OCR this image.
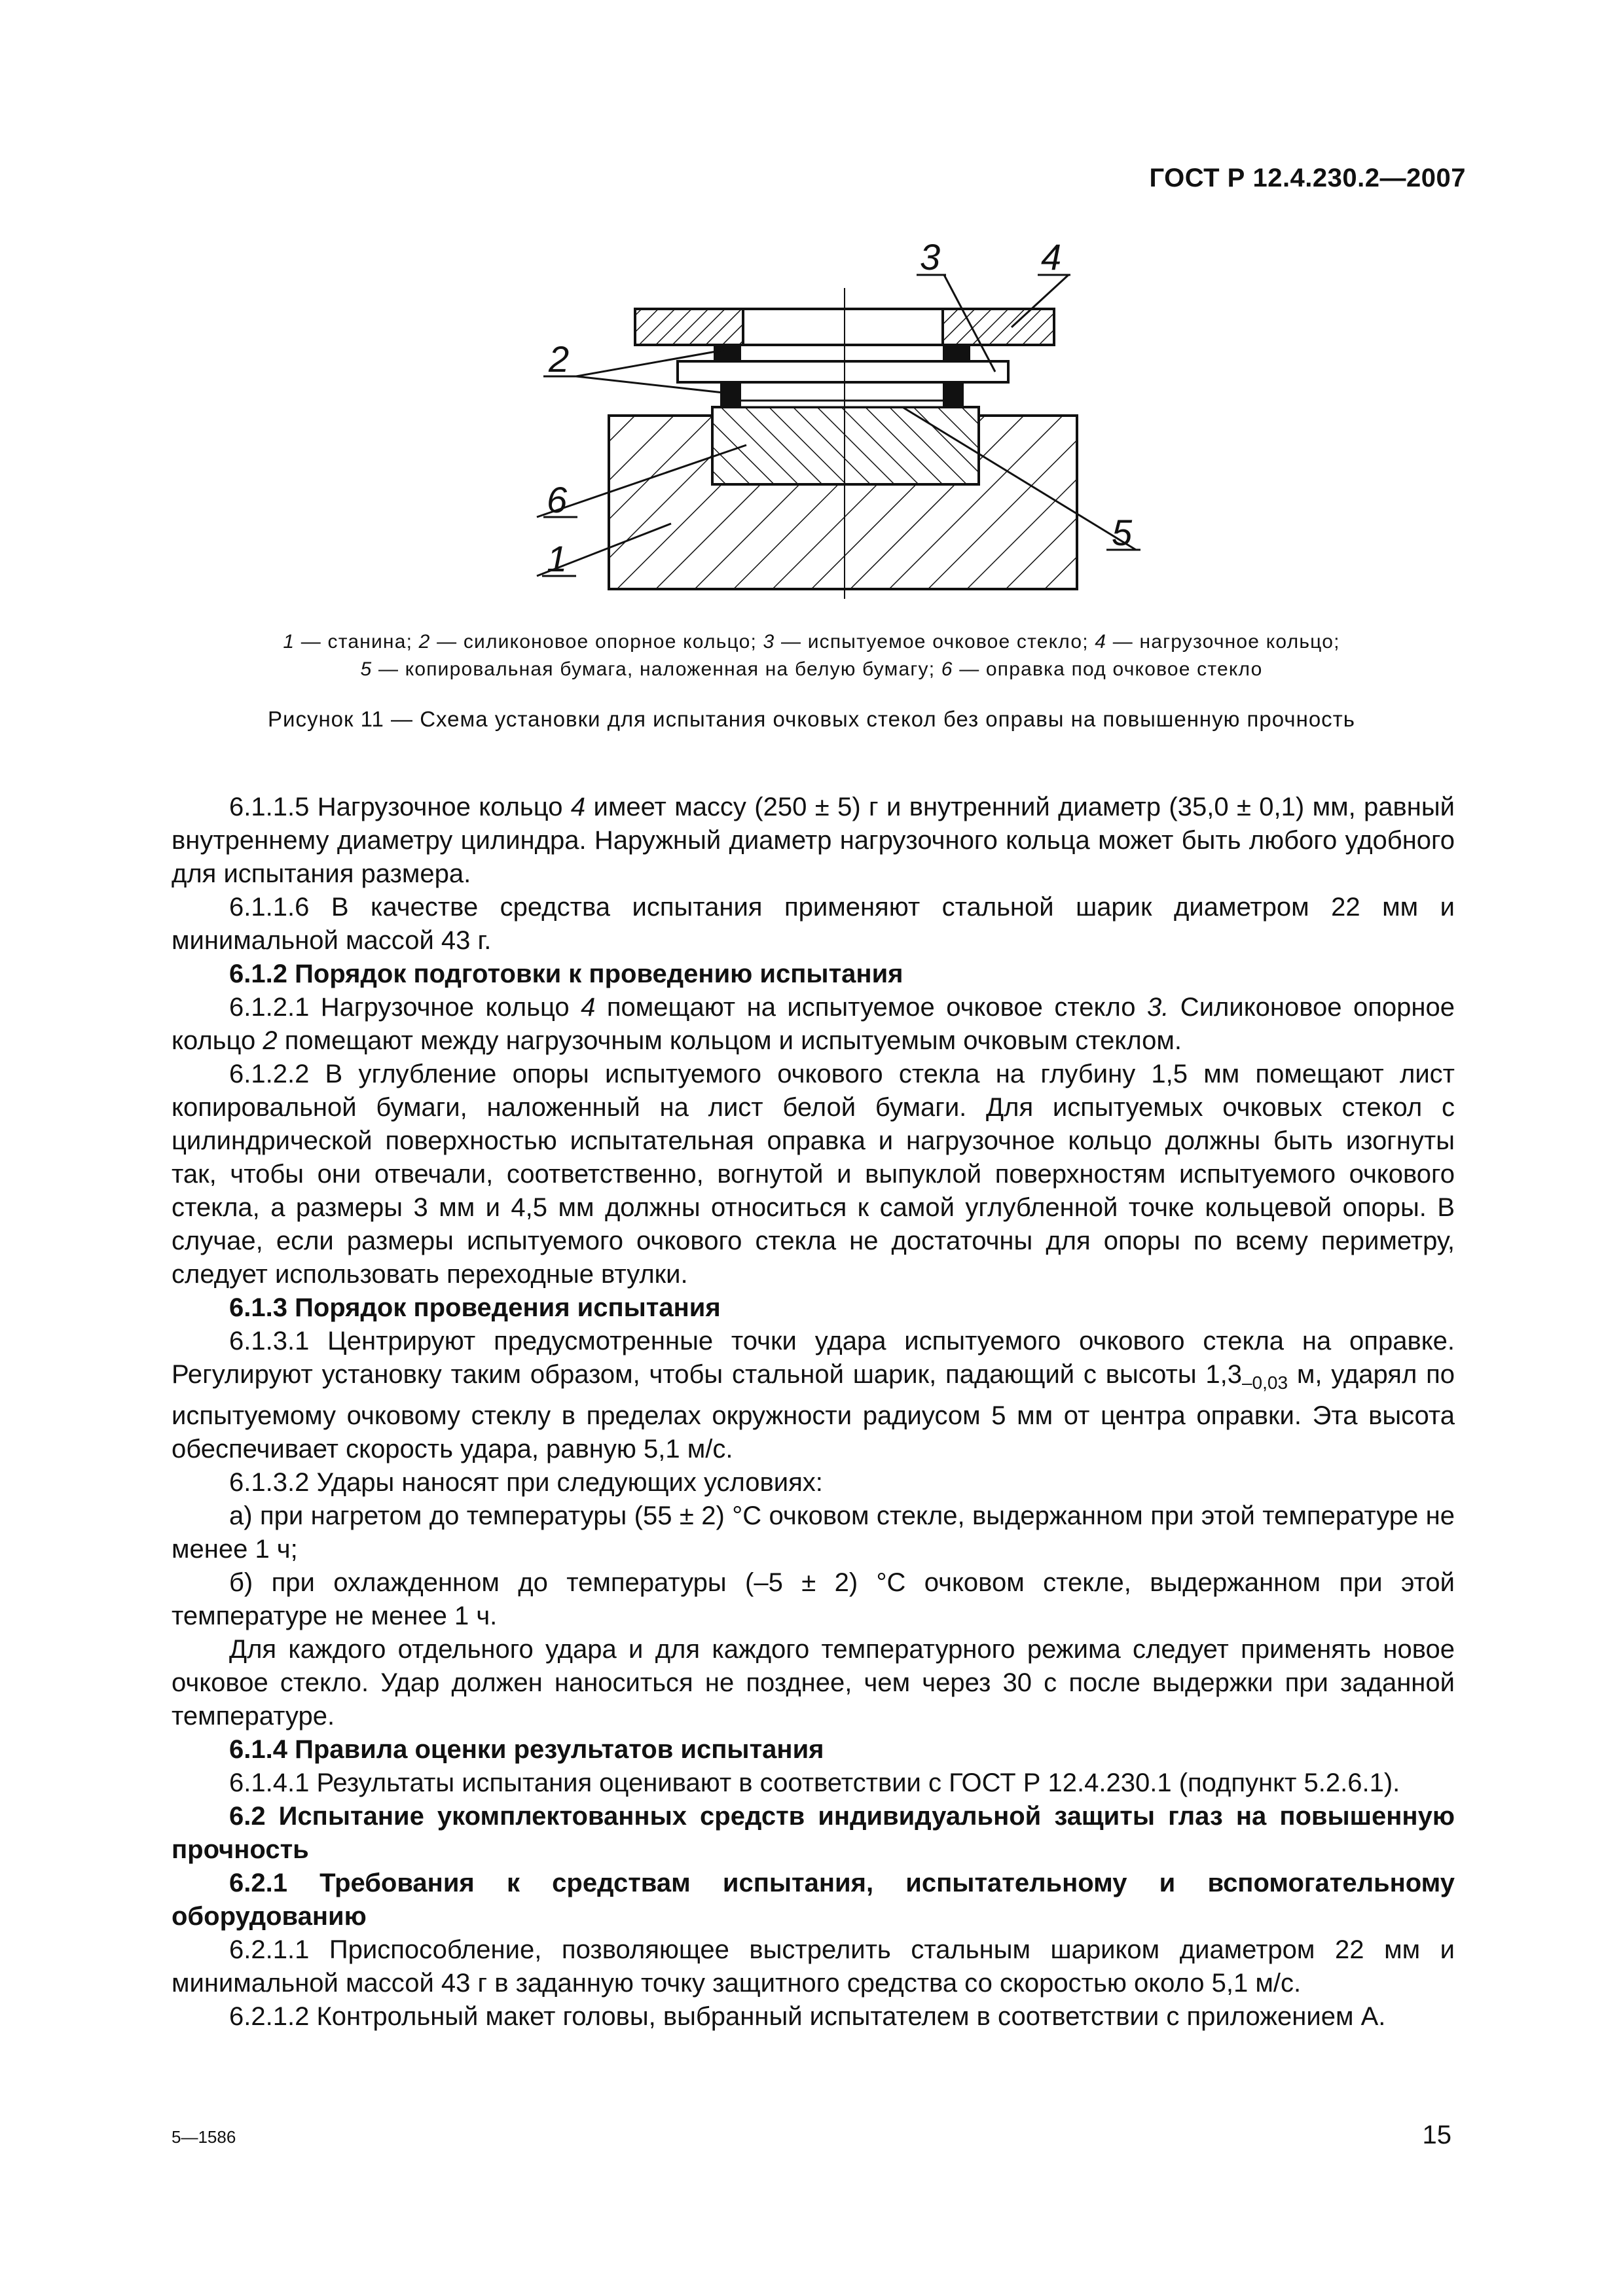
ГОСТ Р 12.4.230.2—2007
2
3	4
6
1
5
1 — станина; 2 — силиконовое опорное кольцо; 3 — испытуемое очковое стекло; 4 — нагрузочное кольцо;
5 — копировальная бумага, наложенная на белую бумагу; 6 — оправка под очковое стекло
Рисунок 11 — Схема установки для испытания очковых стекол без оправы на повышенную прочность

6.1.1.5 Нагрузочное кольцо 4 имеет массу (250 ± 5) г и внутренний диаметр (35,0 ± 0,1) мм, равный внутреннему диаметру цилиндра. Наружный диаметр нагрузочного кольца может быть любого удобного для испытания размера.

6.1.1.6 В качестве средства испытания применяют стальной шарик диаметром 22 мм и минимальной массой 43 г.

6.1.2 Порядок подготовки к проведению испытания

6.1.2.1 Нагрузочное кольцо 4 помещают на испытуемое очковое стекло 3. Силиконовое опорное кольцо 2 помещают между нагрузочным кольцом и испытуемым очковым стеклом.

6.1.2.2 В углубление опоры испытуемого очкового стекла на глубину 1,5 мм помещают лист копировальной бумаги, наложенный на лист белой бумаги. Для испытуемых очковых стекол с цилиндрической поверхностью испытательная оправка и нагрузочное кольцо должны быть изогнуты так, чтобы они отвечали, соответственно, вогнутой и выпуклой поверхностям испытуемого очкового стекла, а размеры 3 мм и 4,5 мм должны относиться к самой углубленной точке кольцевой опоры. В случае, если размеры испытуемого очкового стекла не достаточны для опоры по всему периметру, следует использовать переходные втулки.

6.1.3 Порядок проведения испытания

6.1.3.1 Центрируют предусмотренные точки удара испытуемого очкового стекла на оправке. Регулируют установку таким образом, чтобы стальной шарик, падающий с высоты $1,3_{-0,03}$ м, ударял по испытуемому очковому стеклу в пределах окружности радиусом 5 мм от центра оправки. Эта высота обеспечивает скорость удара, равную 5,1 м/с.

6.1.3.2 Удары наносят при следующих условиях:

а) при нагретом до температуры (55 ± 2) °С очковом стекле, выдержанном при этой температуре не менее 1 ч;

б) при охлажденном до температуры (–5 ± 2) °С очковом стекле, выдержанном при этой температуре не менее 1 ч.

Для каждого отдельного удара и для каждого температурного режима следует применять новое очковое стекло. Удар должен наноситься не позднее, чем через 30 с после выдержки при заданной температуре.

6.1.4 Правила оценки результатов испытания

6.1.4.1 Результаты испытания оценивают в соответствии с ГОСТ Р 12.4.230.1 (подпункт 5.2.6.1).

6.2 Испытание укомплектованных средств индивидуальной защиты глаз на повышенную прочность

6.2.1 Требования к средствам испытания, испытательному и вспомогательному оборудованию

6.2.1.1 Приспособление, позволяющее выстрелить стальным шариком диаметром 22 мм и минимальной массой 43 г в заданную точку защитного средства со скоростью около 5,1 м/с.

6.2.1.2 Контрольный макет головы, выбранный испытателем в соответствии с приложением А.

5—1586	15
